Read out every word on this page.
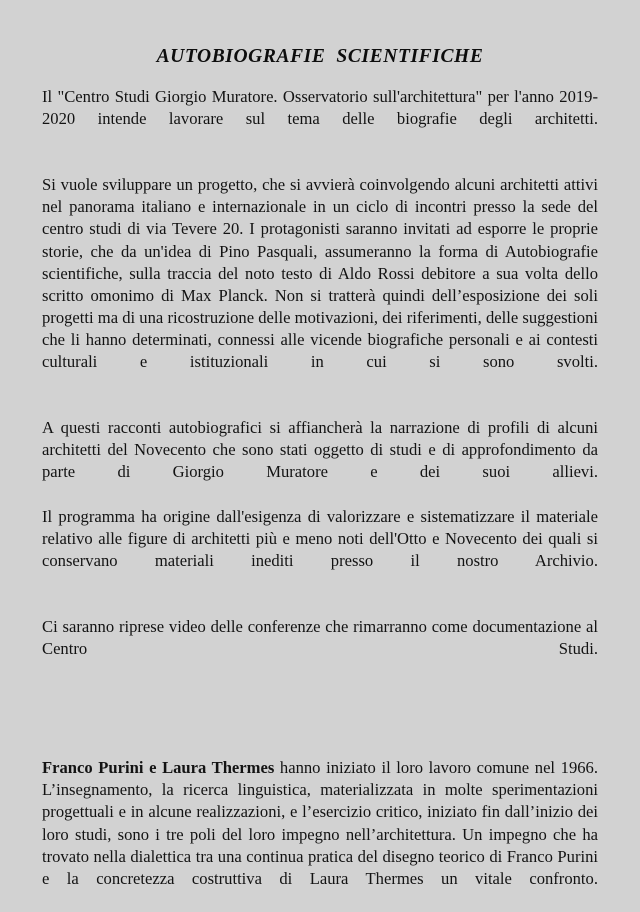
AUTOBIOGRAFIE  SCIENTIFICHE

Il "Centro Studi Giorgio Muratore. Osservatorio sull'architettura" per l'anno 2019-2020 intende lavorare sul tema delle biografie degli architetti.

Si vuole sviluppare un progetto, che si avvierà coinvolgendo alcuni architetti attivi nel panorama italiano e internazionale in un ciclo di incontri presso la sede del centro studi di via Tevere 20. I protagonisti saranno invitati ad esporre le proprie storie, che da un'idea di Pino Pasquali, assumeranno la forma di Autobiografie scientifiche, sulla traccia del noto testo di Aldo Rossi debitore a sua volta dello scritto omonimo di Max Planck. Non si tratterà quindi dell’esposizione dei soli progetti ma di una ricostruzione delle motivazioni, dei riferimenti, delle suggestioni che li hanno determinati, connessi alle vicende biografiche personali e ai contesti culturali e istituzionali in cui si sono svolti.

A questi racconti autobiografici si affiancherà la narrazione di profili di alcuni architetti del Novecento che sono stati oggetto di studi e di approfondimento da parte di Giorgio Muratore e dei suoi allievi.

Il programma ha origine dall'esigenza di valorizzare e sistematizzare il materiale relativo alle figure di architetti più e meno noti dell'Otto e Novecento dei quali si conservano materiali inediti presso il nostro Archivio.

Ci saranno riprese video delle conferenze che rimarranno come documentazione al Centro Studi.

Franco Purini e Laura Thermes hanno iniziato il loro lavoro comune nel 1966. L’insegnamento, la ricerca linguistica, materializzata in molte sperimentazioni progettuali e in alcune realizzazioni, e l’esercizio critico, iniziato fin dall’inizio dei loro studi, sono i tre poli del loro impegno nell’architettura. Un impegno che ha trovato nella dialettica tra una continua pratica del disegno teorico di Franco Purini e la concretezza costruttiva di Laura Thermes un vitale confronto.
